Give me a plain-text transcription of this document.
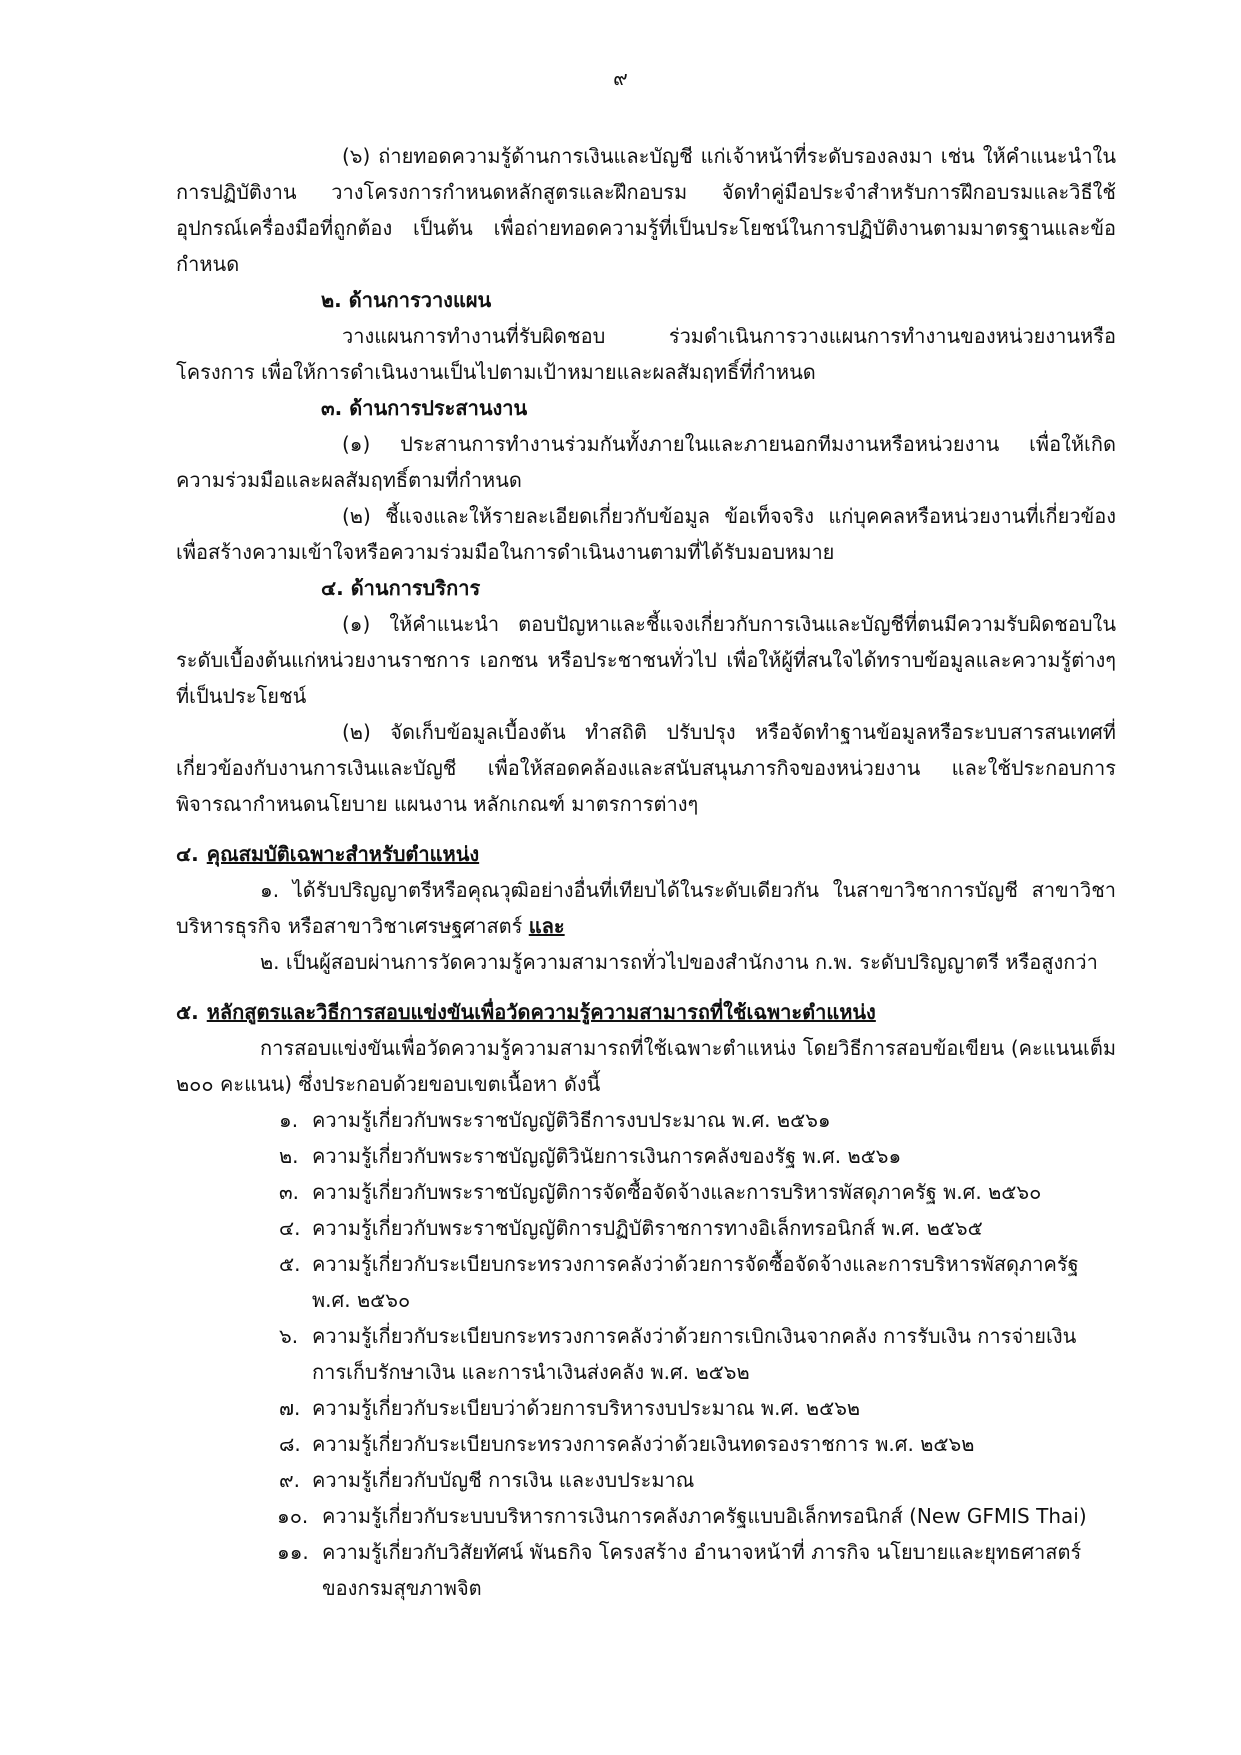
๙

(๖) ถ่ายทอดความรู้ด้านการเงินและบัญชี แก่เจ้าหน้าที่ระดับรองลงมา เช่น ให้คำแนะนำในการปฏิบัติงาน วางโครงการกำหนดหลักสูตรและฝึกอบรม จัดทำคู่มือประจำสำหรับการฝึกอบรมและวิธีใช้อุปกรณ์เครื่องมือที่ถูกต้อง เป็นต้น เพื่อถ่ายทอดความรู้ที่เป็นประโยชน์ในการปฏิบัติงานตามมาตรฐานและข้อกำหนด

๒. ด้านการวางแผน

วางแผนการทำงานที่รับผิดชอบ ร่วมดำเนินการวางแผนการทำงานของหน่วยงานหรือโครงการ เพื่อให้การดำเนินงานเป็นไปตามเป้าหมายและผลสัมฤทธิ์ที่กำหนด

๓. ด้านการประสานงาน

(๑) ประสานการทำงานร่วมกันทั้งภายในและภายนอกทีมงานหรือหน่วยงาน เพื่อให้เกิดความร่วมมือและผลสัมฤทธิ์ตามที่กำหนด

(๒) ชี้แจงและให้รายละเอียดเกี่ยวกับข้อมูล ข้อเท็จจริง แก่บุคคลหรือหน่วยงานที่เกี่ยวข้อง เพื่อสร้างความเข้าใจหรือความร่วมมือในการดำเนินงานตามที่ได้รับมอบหมาย

๔. ด้านการบริการ

(๑) ให้คำแนะนำ ตอบปัญหาและชี้แจงเกี่ยวกับการเงินและบัญชีที่ตนมีความรับผิดชอบในระดับเบื้องต้นแก่หน่วยงานราชการ เอกชน หรือประชาชนทั่วไป เพื่อให้ผู้ที่สนใจได้ทราบข้อมูลและความรู้ต่างๆ ที่เป็นประโยชน์

(๒) จัดเก็บข้อมูลเบื้องต้น ทำสถิติ ปรับปรุง หรือจัดทำฐานข้อมูลหรือระบบสารสนเทศที่เกี่ยวข้องกับงานการเงินและบัญชี เพื่อให้สอดคล้องและสนับสนุนภารกิจของหน่วยงาน และใช้ประกอบการพิจารณากำหนดนโยบาย แผนงาน หลักเกณฑ์ มาตรการต่างๆ

๔. คุณสมบัติเฉพาะสำหรับตำแหน่ง

๑. ได้รับปริญญาตรีหรือคุณวุฒิอย่างอื่นที่เทียบได้ในระดับเดียวกัน ในสาขาวิชาการบัญชี สาขาวิชาบริหารธุรกิจ หรือสาขาวิชาเศรษฐศาสตร์ และ

๒. เป็นผู้สอบผ่านการวัดความรู้ความสามารถทั่วไปของสำนักงาน ก.พ. ระดับปริญญาตรี หรือสูงกว่า

๕. หลักสูตรและวิธีการสอบแข่งขันเพื่อวัดความรู้ความสามารถที่ใช้เฉพาะตำแหน่ง

การสอบแข่งขันเพื่อวัดความรู้ความสามารถที่ใช้เฉพาะตำแหน่ง โดยวิธีการสอบข้อเขียน (คะแนนเต็ม ๒๐๐ คะแนน) ซึ่งประกอบด้วยขอบเขตเนื้อหา ดังนี้

๑. ความรู้เกี่ยวกับพระราชบัญญัติวิธีการงบประมาณ พ.ศ. ๒๕๖๑
๒. ความรู้เกี่ยวกับพระราชบัญญัติวินัยการเงินการคลังของรัฐ พ.ศ. ๒๕๖๑
๓. ความรู้เกี่ยวกับพระราชบัญญัติการจัดซื้อจัดจ้างและการบริหารพัสดุภาครัฐ พ.ศ. ๒๕๖๐
๔. ความรู้เกี่ยวกับพระราชบัญญัติการปฏิบัติราชการทางอิเล็กทรอนิกส์ พ.ศ. ๒๕๖๕
๕. ความรู้เกี่ยวกับระเบียบกระทรวงการคลังว่าด้วยการจัดซื้อจัดจ้างและการบริหารพัสดุภาครัฐ พ.ศ. ๒๕๖๐
๖. ความรู้เกี่ยวกับระเบียบกระทรวงการคลังว่าด้วยการเบิกเงินจากคลัง การรับเงิน การจ่ายเงิน การเก็บรักษาเงิน และการนำเงินส่งคลัง พ.ศ. ๒๕๖๒
๗. ความรู้เกี่ยวกับระเบียบว่าด้วยการบริหารงบประมาณ พ.ศ. ๒๕๖๒
๘. ความรู้เกี่ยวกับระเบียบกระทรวงการคลังว่าด้วยเงินทดรองราชการ พ.ศ. ๒๕๖๒
๙. ความรู้เกี่ยวกับบัญชี การเงิน และงบประมาณ
๑๐. ความรู้เกี่ยวกับระบบบริหารการเงินการคลังภาครัฐแบบอิเล็กทรอนิกส์ (New GFMIS Thai)
๑๑. ความรู้เกี่ยวกับวิสัยทัศน์ พันธกิจ โครงสร้าง อำนาจหน้าที่ ภารกิจ นโยบายและยุทธศาสตร์ของกรมสุขภาพจิต
